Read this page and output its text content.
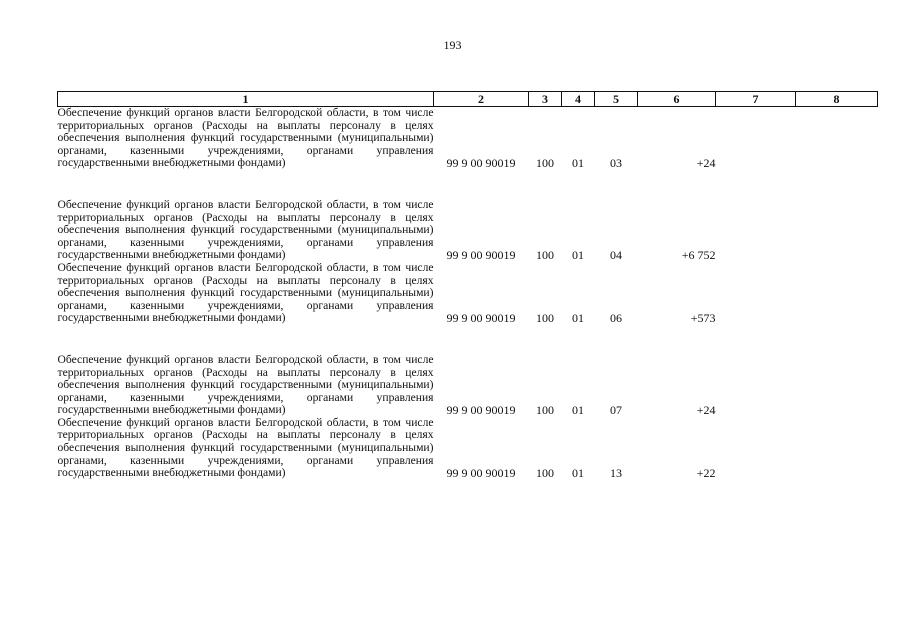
193
1	2	3	4	5	6	7	8
Обеспечение функций органов власти Белгородской области, в том числе территориальных органов (Расходы на выплаты персоналу в целях обеспечения выполнения функций государственными (муниципальными) органами, казенными учреждениями, органами управления государственными внебюджетными фондами)	99 9 00 90019	100	01	03	+24		

Обеспечение функций органов власти Белгородской области, в том числе территориальных органов (Расходы на выплаты персоналу в целях обеспечения выполнения функций государственными (муниципальными) органами, казенными учреждениями, органами управления государственными внебюджетными фондами)	99 9 00 90019	100	01	04	+6 752		
Обеспечение функций органов власти Белгородской области, в том числе территориальных органов (Расходы на выплаты персоналу в целях обеспечения выполнения функций государственными (муниципальными) органами, казенными учреждениями, органами управления государственными внебюджетными фондами)	99 9 00 90019	100	01	06	+573		

Обеспечение функций органов власти Белгородской области, в том числе территориальных органов (Расходы на выплаты персоналу в целях обеспечения выполнения функций государственными (муниципальными) органами, казенными учреждениями, органами управления государственными внебюджетными фондами)	99 9 00 90019	100	01	07	+24		
Обеспечение функций органов власти Белгородской области, в том числе территориальных органов (Расходы на выплаты персоналу в целях обеспечения выполнения функций государственными (муниципальными) органами, казенными учреждениями, органами управления государственными внебюджетными фондами)	99 9 00 90019	100	01	13	+22		
